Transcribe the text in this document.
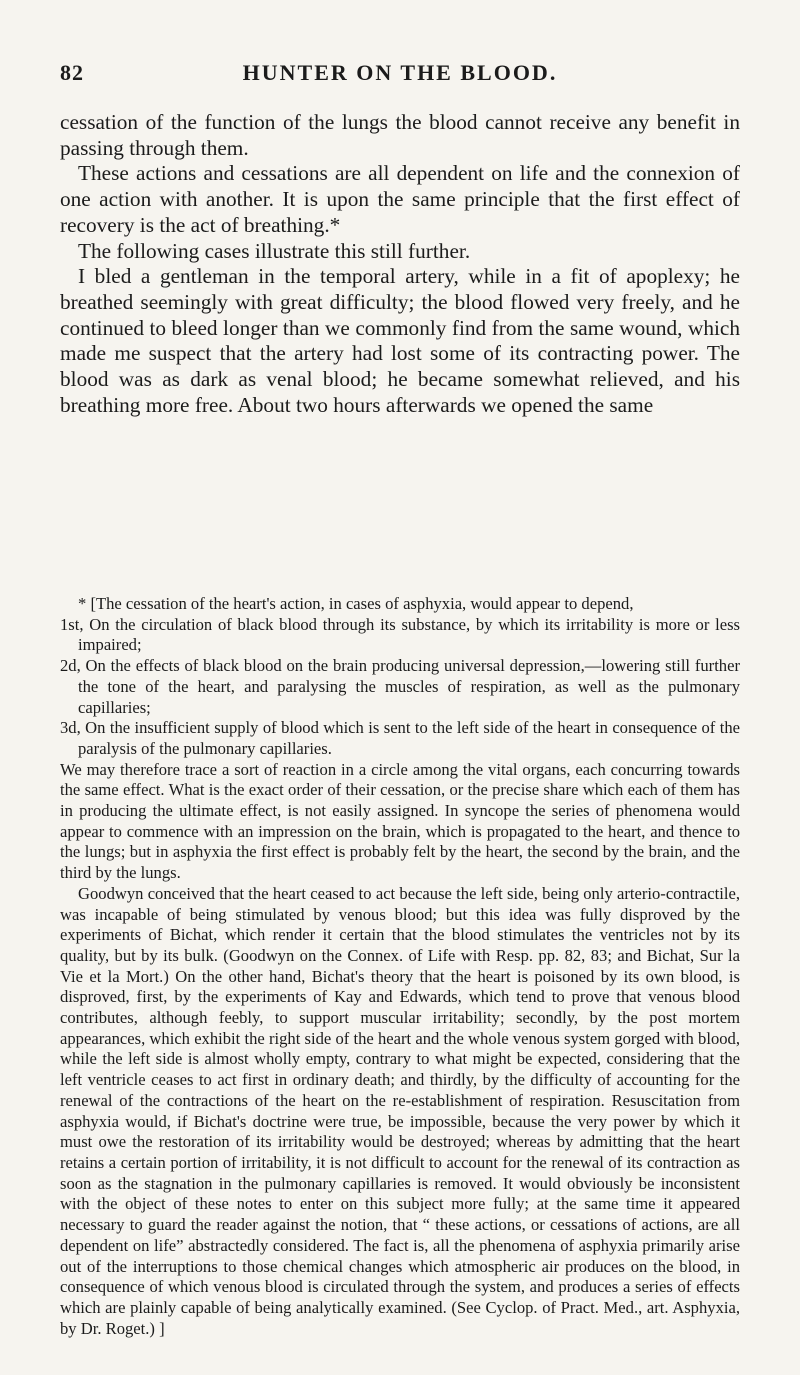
82	HUNTER ON THE BLOOD.

cessation of the function of the lungs the blood cannot receive any benefit in passing through them.

These actions and cessations are all dependent on life and the connexion of one action with another. It is upon the same principle that the first effect of recovery is the act of breathing.*

The following cases illustrate this still further.

I bled a gentleman in the temporal artery, while in a fit of apoplexy; he breathed seemingly with great difficulty; the blood flowed very freely, and he continued to bleed longer than we commonly find from the same wound, which made me suspect that the artery had lost some of its contracting power. The blood was as dark as venal blood; he became somewhat relieved, and his breathing more free. About two hours afterwards we opened the same

* [The cessation of the heart's action, in cases of asphyxia, would appear to depend,

1st, On the circulation of black blood through its substance, by which its irritability is more or less impaired;

2d, On the effects of black blood on the brain producing universal depression,—lowering still further the tone of the heart, and paralysing the muscles of respiration, as well as the pulmonary capillaries;

3d, On the insufficient supply of blood which is sent to the left side of the heart in consequence of the paralysis of the pulmonary capillaries.

We may therefore trace a sort of reaction in a circle among the vital organs, each concurring towards the same effect. What is the exact order of their cessation, or the precise share which each of them has in producing the ultimate effect, is not easily assigned. In syncope the series of phenomena would appear to commence with an impression on the brain, which is propagated to the heart, and thence to the lungs; but in asphyxia the first effect is probably felt by the heart, the second by the brain, and the third by the lungs.

Goodwyn conceived that the heart ceased to act because the left side, being only arterio-contractile, was incapable of being stimulated by venous blood; but this idea was fully disproved by the experiments of Bichat, which render it certain that the blood stimulates the ventricles not by its quality, but by its bulk. (Goodwyn on the Connex. of Life with Resp. pp. 82, 83; and Bichat, Sur la Vie et la Mort.) On the other hand, Bichat's theory that the heart is poisoned by its own blood, is disproved, first, by the experiments of Kay and Edwards, which tend to prove that venous blood contributes, although feebly, to support muscular irritability; secondly, by the post mortem appearances, which exhibit the right side of the heart and the whole venous system gorged with blood, while the left side is almost wholly empty, contrary to what might be expected, considering that the left ventricle ceases to act first in ordinary death; and thirdly, by the difficulty of accounting for the renewal of the contractions of the heart on the re-establishment of respiration. Resuscitation from asphyxia would, if Bichat's doctrine were true, be impossible, because the very power by which it must owe the restoration of its irritability would be destroyed; whereas by admitting that the heart retains a certain portion of irritability, it is not difficult to account for the renewal of its contraction as soon as the stagnation in the pulmonary capillaries is removed. It would obviously be inconsistent with the object of these notes to enter on this subject more fully; at the same time it appeared necessary to guard the reader against the notion, that “ these actions, or cessations of actions, are all dependent on life” abstractedly considered. The fact is, all the phenomena of asphyxia primarily arise out of the interruptions to those chemical changes which atmospheric air produces on the blood, in consequence of which venous blood is circulated through the system, and produces a series of effects which are plainly capable of being analytically examined. (See Cyclop. of Pract. Med., art. Asphyxia, by Dr. Roget.) ]
